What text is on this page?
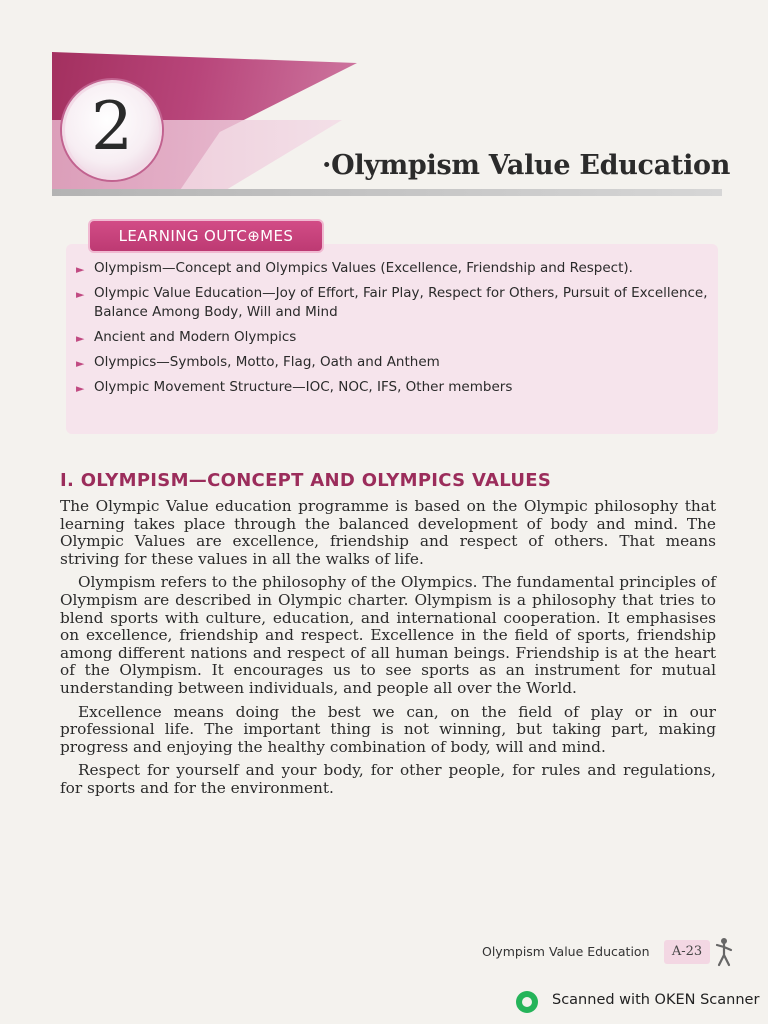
2
·Olympism Value Education
LEARNING OUTC⊕MES
► Olympism—Concept and Olympics Values (Excellence, Friendship and Respect).
► Olympic Value Education—Joy of Effort, Fair Play, Respect for Others, Pursuit of Excellence, Balance Among Body, Will and Mind
► Ancient and Modern Olympics
► Olympics—Symbols, Motto, Flag, Oath and Anthem
► Olympic Movement Structure—IOC, NOC, IFS, Other members
I. OLYMPISM—CONCEPT AND OLYMPICS VALUES

The Olympic Value education programme is based on the Olympic philosophy that learning takes place through the balanced development of body and mind. The Olympic Values are excellence, friendship and respect of others. That means striving for these values in all the walks of life.

Olympism refers to the philosophy of the Olympics. The fundamental principles of Olympism are described in Olympic charter. Olympism is a philosophy that tries to blend sports with culture, education, and international cooperation. It emphasises on excellence, friendship and respect. Excellence in the field of sports, friendship among different nations and respect of all human beings. Friendship is at the heart of the Olympism. It encourages us to see sports as an instrument for mutual understanding between individuals, and people all over the World.

Excellence means doing the best we can, on the field of play or in our professional life. The important thing is not winning, but taking part, making progress and enjoying the healthy combination of body, will and mind.

Respect for yourself and your body, for other people, for rules and regulations, for sports and for the environment.

Olympism Value Education	A-23
Scanned with OKEN Scanner
